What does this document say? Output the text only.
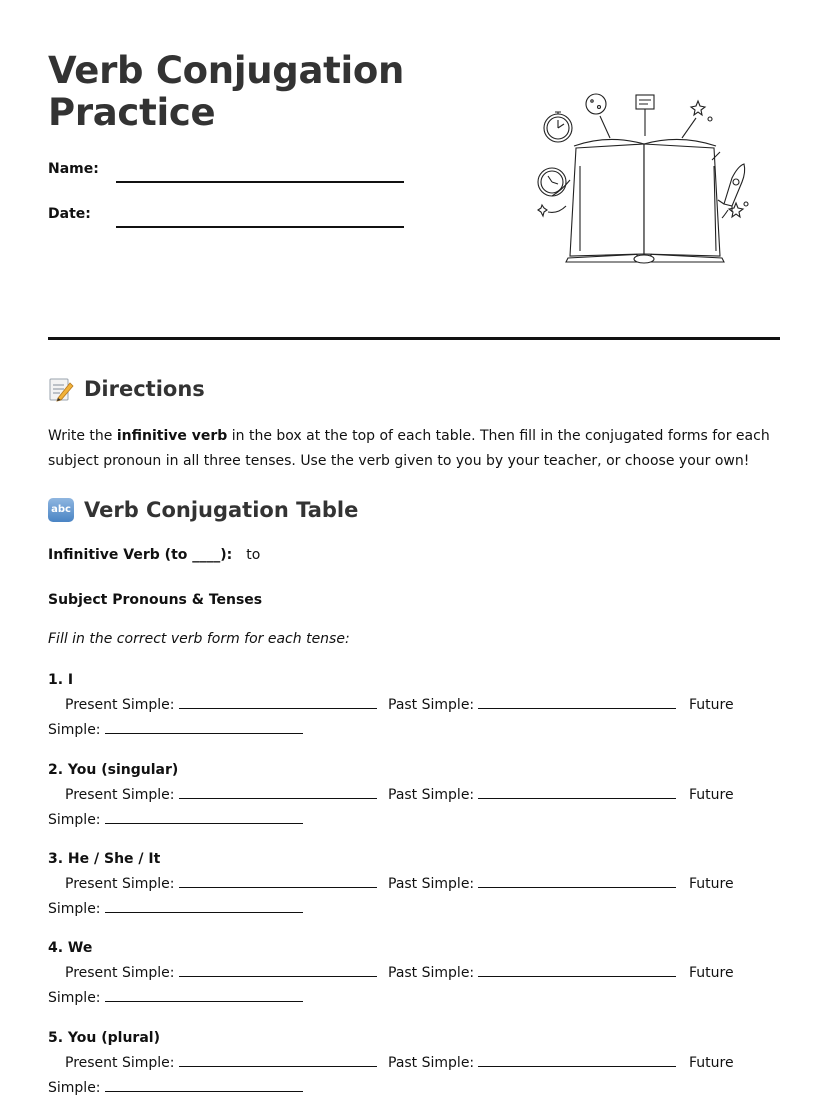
Verb Conjugation Practice
Name:
Date:
Directions

Write the infinitive verb in the box at the top of each table. Then fill in the conjugated forms for each subject pronoun in all three tenses. Use the verb given to you by your teacher, or choose your own!

abc Verb Conjugation Table
Infinitive Verb (to ____): to
Subject Pronouns & Tenses

Fill in the correct verb form for each tense:

1. I
Present Simple:	Past Simple:	Future
Simple:
2. You (singular)
Present Simple:	Past Simple:	Future
Simple:
3. He / She / It
Present Simple:	Past Simple:	Future
Simple:
4. We
Present Simple:	Past Simple:	Future
Simple:
5. You (plural)
Present Simple:	Past Simple:	Future
Simple:
